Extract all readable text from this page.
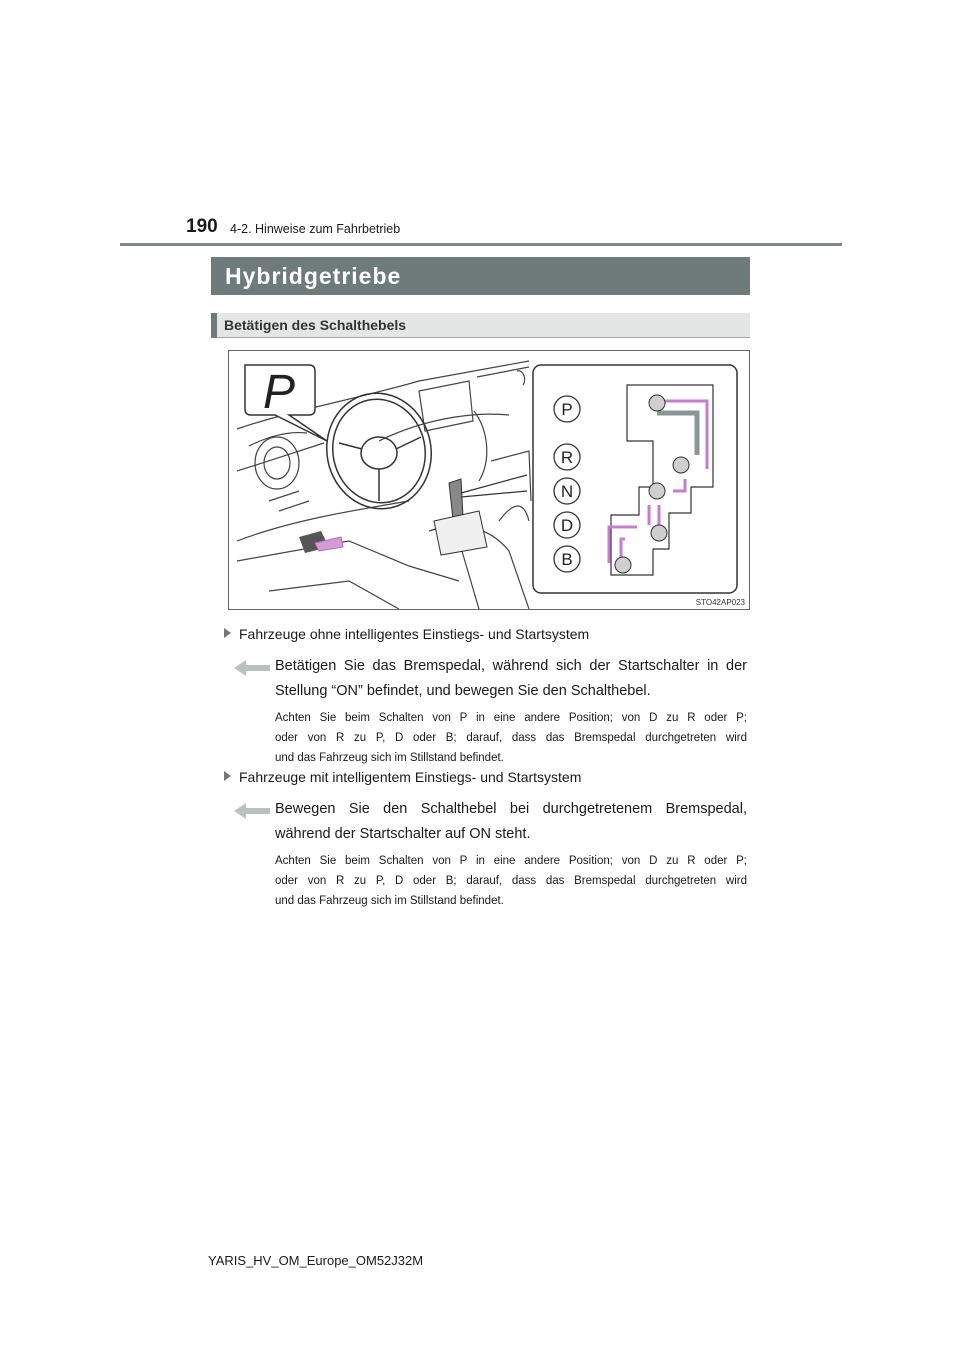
190 4-2. Hinweise zum Fahrbetrieb
Hybridgetriebe
Betätigen des Schalthebels
P	P
R
N
D
B
STO42AP023
Fahrzeuge ohne intelligentes Einstiegs- und Startsystem
Betätigen Sie das Bremspedal, während sich der Startschalter in der
Stellung “ON” befindet, und bewegen Sie den Schalthebel.
Achten Sie beim Schalten von P in eine andere Position; von D zu R oder P;
oder von R zu P, D oder B; darauf, dass das Bremspedal durchgetreten wird
und das Fahrzeug sich im Stillstand befindet.
Fahrzeuge mit intelligentem Einstiegs- und Startsystem
Bewegen Sie den Schalthebel bei durchgetretenem Bremspedal,
während der Startschalter auf ON steht.
Achten Sie beim Schalten von P in eine andere Position; von D zu R oder P;
oder von R zu P, D oder B; darauf, dass das Bremspedal durchgetreten wird
und das Fahrzeug sich im Stillstand befindet.
YARIS_HV_OM_Europe_OM52J32M
